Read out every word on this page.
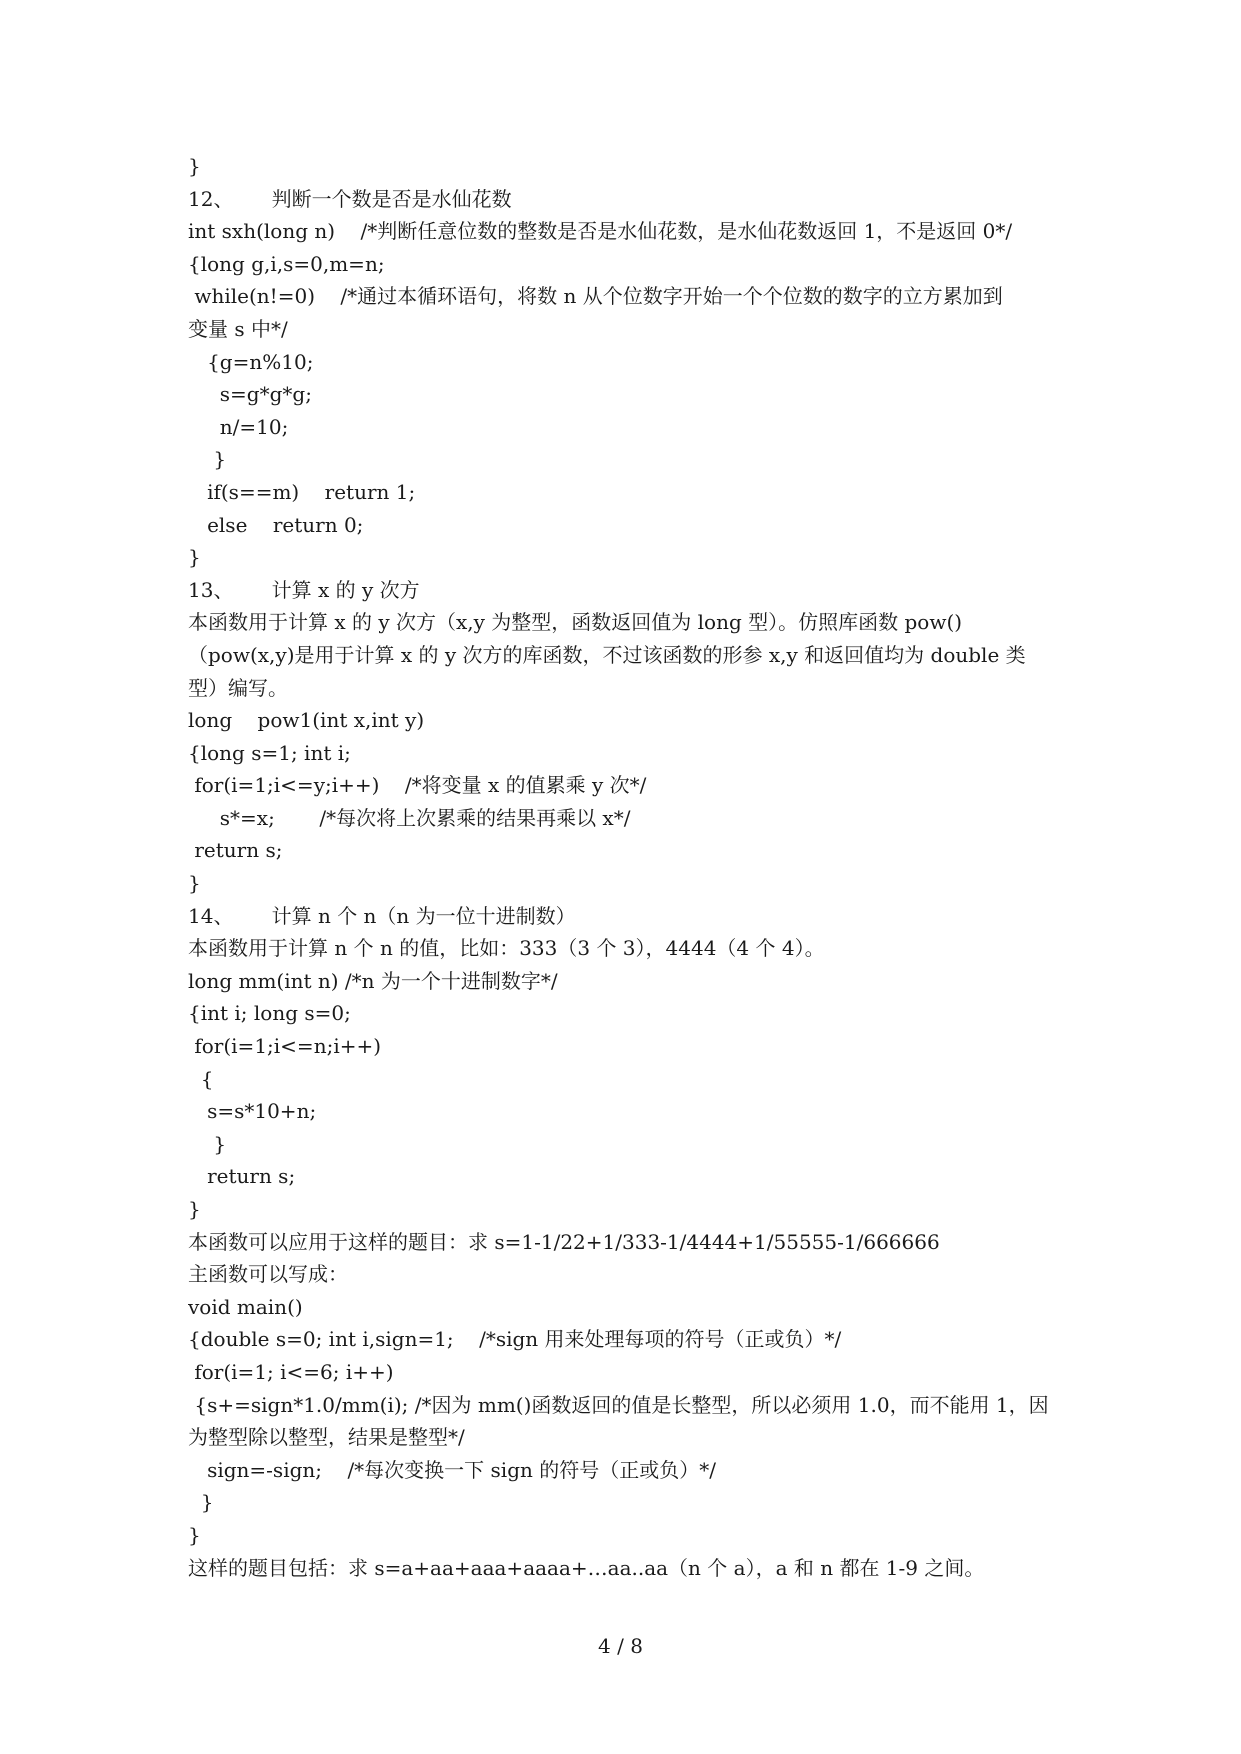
}
12、      判断一个数是否是水仙花数
int sxh(long n)    /*判断任意位数的整数是否是水仙花数，是水仙花数返回 1，不是返回 0*/
{long g,i,s=0,m=n;
while(n!=0)    /*通过本循环语句，将数 n 从个位数字开始一个个位数的数字的立方累加到
变量 s 中*/
{g=n%10;
s=g*g*g;
n/=10;
}
if(s==m)    return 1;
else    return 0;
}
13、      计算 x 的 y 次方
本函数用于计算 x 的 y 次方（x,y 为整型，函数返回值为 long 型）。仿照库函数 pow()
（pow(x,y)是用于计算 x 的 y 次方的库函数，不过该函数的形参 x,y 和返回值均为 double 类
型）编写。
long    pow1(int x,int y)
{long s=1; int i;
for(i=1;i<=y;i++)    /*将变量 x 的值累乘 y 次*/
s*=x;       /*每次将上次累乘的结果再乘以 x*/
return s;
}
14、      计算 n 个 n（n 为一位十进制数）
本函数用于计算 n 个 n 的值，比如：333（3 个 3），4444（4 个 4）。
long mm(int n) /*n 为一个十进制数字*/
{int i; long s=0;
for(i=1;i<=n;i++)
{
s=s*10+n;
}
return s;
}
本函数可以应用于这样的题目：求 s=1-1/22+1/333-1/4444+1/55555-1/666666
主函数可以写成：
void main()
{double s=0; int i,sign=1;    /*sign 用来处理每项的符号（正或负）*/
for(i=1; i<=6; i++)
{s+=sign*1.0/mm(i); /*因为 mm()函数返回的值是长整型，所以必须用 1.0，而不能用 1，因
为整型除以整型，结果是整型*/
sign=-sign;    /*每次变换一下 sign 的符号（正或负）*/
}
}
这样的题目包括：求 s=a+aa+aaa+aaaa+…aa..aa（n 个 a），a 和 n 都在 1-9 之间。
4 / 8
